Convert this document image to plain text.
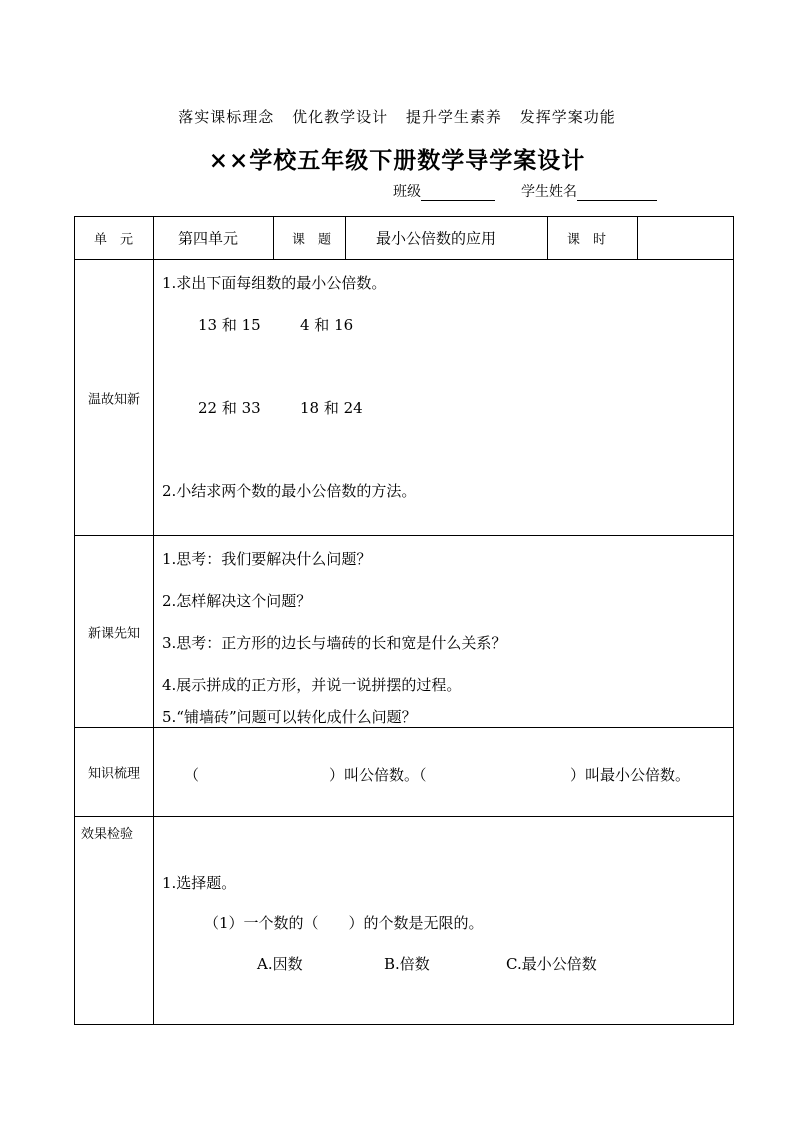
落实课标理念 优化教学设计 提升学生素养 发挥学案功能
××学校五年级下册数学导学案设计
班级	学生姓名
单　元	第四单元	课　题	最小公倍数的应用	课　时
温故知新
1.求出下面每组数的最小公倍数。
13 和 15	4 和 16
22 和 33	18 和 24
2.小结求两个数的最小公倍数的方法。
新课先知
1.思考：我们要解决什么问题？
2.怎样解决这个问题？
3.思考：正方形的边长与墙砖的长和宽是什么关系？
4.展示拼成的正方形，并说一说拼摆的过程。
5.“铺墙砖”问题可以转化成什么问题？
知识梳理	（	）叫公倍数。（	）叫最小公倍数。
效果检验
1.选择题。
（1）一个数的（　　）的个数是无限的。
A.因数	B.倍数	C.最小公倍数
